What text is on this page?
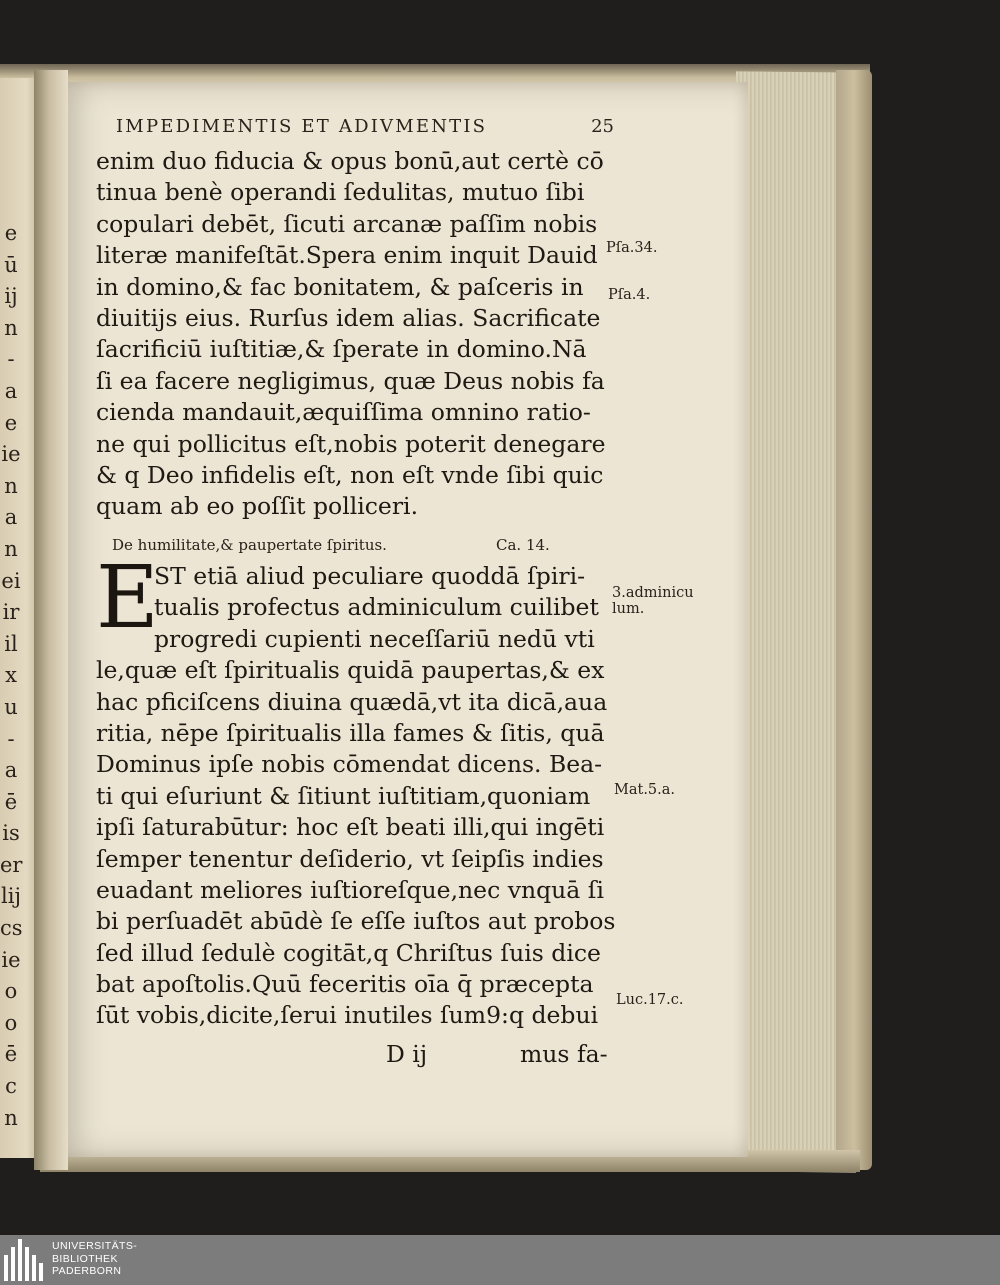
e
ū
ij
n
-
a
e
ie
n
a
n
ei
ir
il
x
u
-
a
ē
is
er
lij
cs
ie
o
o
ē
c
n
IMPEDIMENTIS ET ADIVMENTIS	25
enim duo fiducia & opus bonū,aut certè cō
tinua benè operandi ſedulitas, mutuo ſibi
copulari debēt, ſicuti arcanæ paſſim nobis
literæ manifeſtāt.Spera enim inquit Dauid
in domino,& fac bonitatem, & paſceris in
diuitijs eius. Rurſus idem alias. Sacrificate
ſacrificiū iuſtitiæ,& ſperate in domino.Nā
ſi ea facere negligimus, quæ Deus nobis fa
cienda mandauit,æquiſſima omnino ratio-
ne qui pollicitus eſt,nobis poterit denegare
& q Deo infidelis eſt, non eſt vnde ſibi quic
quam ab eo poſſit polliceri.
De humilitate,& paupertate ſpiritus.	Ca. 14.
E
ST etiā aliud peculiare quoddā ſpiri-
tualis profectus adminiculum cuilibet
progredi cupienti neceſſariū nedū vti
le,quæ eſt ſpiritualis quidā paupertas,& ex
hac pficiſcens diuina quædā,vt ita dicā,aua
ritia, nēpe ſpiritualis illa fames & ſitis, quā
Dominus ipſe nobis cōmendat dicens. Bea-
ti qui eſuriunt & ſitiunt iuſtitiam,quoniam
ipſi ſaturabūtur: hoc eſt beati illi,qui ingēti
ſemper tenentur deſiderio, vt ſeipſis indies
euadant meliores iuſtioreſque,nec vnquā ſi
bi perſuadēt abūdè ſe eſſe iuſtos aut probos
ſed illud ſedulè cogitāt,q Chriſtus ſuis dice
bat apoſtolis.Quū feceritis oīa q̄ præcepta
ſūt vobis,dicite,ſerui inutiles ſum9:q debui
Pſa.34.
Pſa.4.
3.adminicu
lum.
Mat.5.a.
Luc.17.c.
D ij	mus fa-
UNIVERSITÄTS-
BIBLIOTHEK
PADERBORN
